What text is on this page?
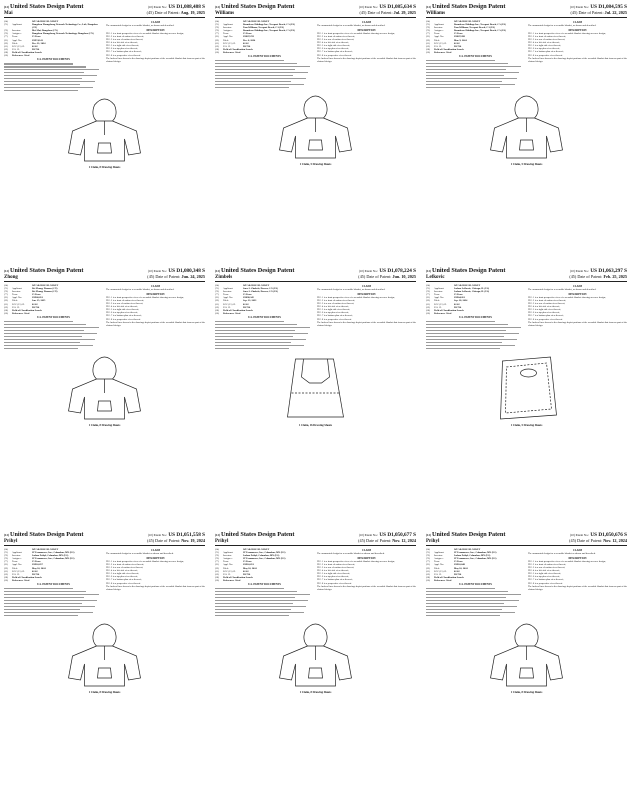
(12)United States Design Patent	(10) Patent No.: US D1,088,488 S
Mai	(45) Date of Patent: Aug. 19, 2025
(54)	WEARABLE BLANKET
(71)	Applicant:	Dongshen Zhongsheng Network Technology Co., Ltd., Dongshen (CN)
(72)	Inventor:	Mei Mai, Dongshen (CN)
(73)	Assignee:	Dongshen Zhongsheng Network Technology, Dongshen (CN)
(**)	Term:	15 Years
(21)	Appl. No.:	29/974,141
(22)	Filed:	Dec. 31, 2024
(51)	LOC (15) Cl.	02-02
(52)	U.S. Cl.	D2/720
(58)	Field of Classification Search
(56)	References Cited
U.S. PATENT DOCUMENTS
CLAIM
The ornamental design for a wearable blanket, as shown and described.
DESCRIPTION
FIG. 1 is a front perspective view of a wearable blanket showing our new design;
FIG. 2 is a front elevation view thereof;
FIG. 3 is a rear elevation view thereof;
FIG. 4 is a left side view thereof;
FIG. 5 is a right side view thereof;
FIG. 6 is a top plan view thereof;
FIG. 7 is a bottom plan view thereof;
FIG. 8 is a perspective view thereof.
The broken lines shown in the drawings depict portions of the wearable blanket that form no part of the claimed design.
1 Claim, 8 Drawing Sheets
(12)United States Design Patent	(10) Patent No.: US D1,085,634 S
Williams	(45) Date of Patent: Jul. 29, 2025
(54)	WEARABLE BLANKET
(71)	Applicant:	Brandcore Holdings Inc., Newport Beach, CA (US)
(72)	Inventor:	Tom Williams, Newport Beach, CA (US)
(73)	Assignee:	Brandcore Holdings Inc., Newport Beach, CA (US)
(**)	Term:	15 Years
(21)	Appl. No.:	29/887,259
(22)	Filed:	Dec. 6, 2024
(51)	LOC (15) Cl.	02-02
(52)	U.S. Cl.	D2/720
(58)	Field of Classification Search
(56)	References Cited
U.S. PATENT DOCUMENTS
CLAIM
The ornamental design for a wearable blanket, as shown and described.
DESCRIPTION
FIG. 1 is a front perspective view of a wearable blanket showing our new design;
FIG. 2 is a front elevation view thereof;
FIG. 3 is a rear elevation view thereof;
FIG. 4 is a left side view thereof;
FIG. 5 is a right side view thereof;
FIG. 6 is a top plan view thereof;
FIG. 7 is a bottom plan view thereof;
FIG. 8 is a perspective view thereof.
The broken lines shown in the drawings depict portions of the wearable blanket that form no part of the claimed design.
1 Claim, 5 Drawing Sheets
(12)United States Design Patent	(10) Patent No.: US D1,084,595 S
Williams	(45) Date of Patent: Jul. 22, 2025
(54)	WEARABLE BLANKET
(71)	Applicant:	Brandcore Holdings Inc., Newport Beach, CA (US)
(72)	Inventor:	Tom Williams, Newport Beach, CA (US)
(73)	Assignee:	Brandcore Holdings Inc., Newport Beach, CA (US)
(**)	Term:	15 Years
(21)	Appl. No.:	29/887,288
(22)	Filed:	Mar. 9, 2024
(51)	LOC (15) Cl.	02-02
(52)	U.S. Cl.	D2/720
(58)	Field of Classification Search
(56)	References Cited
U.S. PATENT DOCUMENTS
CLAIM
The ornamental design for a wearable blanket, as shown and described.
DESCRIPTION
FIG. 1 is a front perspective view of a wearable blanket showing our new design;
FIG. 2 is a front elevation view thereof;
FIG. 3 is a rear elevation view thereof;
FIG. 4 is a left side view thereof;
FIG. 5 is a right side view thereof;
FIG. 6 is a top plan view thereof;
FIG. 7 is a bottom plan view thereof;
FIG. 8 is a perspective view thereof.
The broken lines shown in the drawings depict portions of the wearable blanket that form no part of the claimed design.
1 Claim, 5 Drawing Sheets
(12)United States Design Patent	(10) Patent No.: US D1,080,348 S
Zhong	(45) Date of Patent: Jun. 24, 2025
(54)	WEARABLE BLANKET
(71)	Applicant:	Bei Zhong, Xiamen (CN)
(72)	Inventor:	Bei Zhong, Xiamen (CN)
(**)	Term:	15 Years
(21)	Appl. No.:	29/966,051
(22)	Filed:	Jan. 15, 2025
(51)	LOC (15) Cl.	02-02
(52)	U.S. Cl.	D2/720
(58)	Field of Classification Search
(56)	References Cited
U.S. PATENT DOCUMENTS
CLAIM
The ornamental design for a wearable blanket, as shown and described.
DESCRIPTION
FIG. 1 is a front perspective view of a wearable blanket showing our new design;
FIG. 2 is a front elevation view thereof;
FIG. 3 is a rear elevation view thereof;
FIG. 4 is a left side view thereof;
FIG. 5 is a right side view thereof;
FIG. 6 is a top plan view thereof;
FIG. 7 is a bottom plan view thereof;
FIG. 8 is a perspective view thereof.
The broken lines shown in the drawings depict portions of the wearable blanket that form no part of the claimed design.
1 Claim, 8 Drawing Sheets
(12)United States Design Patent	(10) Patent No.: US D1,078,224 S
Zimbels	(45) Date of Patent: Jun. 10, 2025
(54)	WEARABLE BLANKET
(71)	Applicant:	Sara A. Zimbels, Denver, CO (US)
(72)	Inventor:	Sara A. Zimbels, Denver, CO (US)
(**)	Term:	15 Years
(21)	Appl. No.:	29/896,345
(22)	Filed:	Sep. 13, 2023
(51)	LOC (15) Cl.	02-02
(52)	U.S. Cl.	D2/720
(58)	Field of Classification Search
(56)	References Cited
U.S. PATENT DOCUMENTS
CLAIM
The ornamental design for a wearable blanket, as shown and described.
DESCRIPTION
FIG. 1 is a front perspective view of a wearable blanket showing our new design;
FIG. 2 is a front elevation view thereof;
FIG. 3 is a rear elevation view thereof;
FIG. 4 is a left side view thereof;
FIG. 5 is a right side view thereof;
FIG. 6 is a top plan view thereof;
FIG. 7 is a bottom plan view thereof;
FIG. 8 is a perspective view thereof.
The broken lines shown in the drawings depict portions of the wearable blanket that form no part of the claimed design.
1 Claim, 16 Drawing Sheets
(12)United States Design Patent	(10) Patent No.: US D1,063,297 S
Lefkovic	(45) Date of Patent: Feb. 25, 2025
(54)	WEARABLE BLANKET
(71)	Applicant:	Joshua Lefkovic, Chicago, IL (US)
(72)	Inventor:	Joshua Lefkovic, Chicago, IL (US)
(**)	Term:	15 Years
(21)	Appl. No.:	29/904,261
(22)	Filed:	Sep. 18, 2024
(51)	LOC (15) Cl.	02-02
(52)	U.S. Cl.	D2/720
(58)	Field of Classification Search
(56)	References Cited
U.S. PATENT DOCUMENTS
CLAIM
The ornamental design for a wearable blanket, as shown and described.
DESCRIPTION
FIG. 1 is a front perspective view of a wearable blanket showing our new design;
FIG. 2 is a front elevation view thereof;
FIG. 3 is a rear elevation view thereof;
FIG. 4 is a left side view thereof;
FIG. 5 is a right side view thereof;
FIG. 6 is a top plan view thereof;
FIG. 7 is a bottom plan view thereof;
FIG. 8 is a perspective view thereof.
The broken lines shown in the drawings depict portions of the wearable blanket that form no part of the claimed design.
1 Claim, 5 Drawing Sheets
(12)United States Design Patent	(10) Patent No.: US D1,051,558 S
Prihyl	(45) Date of Patent: Nov. 19, 2024
(54)	WEARABLE BLANKET
(71)	Applicant:	JP Ecommerce, Inc., Columbus, MN (US)
(72)	Inventor:	Joshua Prihyl, Columbus, MN (US)
(73)	Assignee:	JP Ecommerce, Inc., Columbus, MN (US)
(**)	Term:	15 Years
(21)	Appl. No.:	29/916,657
(22)	Filed:	May 16, 2024
(51)	LOC (15) Cl.	02-02
(52)	U.S. Cl.	D2/720
(58)	Field of Classification Search
(56)	References Cited
U.S. PATENT DOCUMENTS
CLAIM
The ornamental design for a wearable blanket as shown and described.
DESCRIPTION
FIG. 1 is a front perspective view of a wearable blanket showing our new design;
FIG. 2 is a front elevation view thereof;
FIG. 3 is a rear elevation view thereof;
FIG. 4 is a left side view thereof;
FIG. 5 is a right side view thereof;
FIG. 6 is a top plan view thereof;
FIG. 7 is a bottom plan view thereof;
FIG. 8 is a perspective view thereof.
The broken lines shown in the drawings depict portions of the wearable blanket that form no part of the claimed design.
1 Claim, 8 Drawing Sheets
(12)United States Design Patent	(10) Patent No.: US D1,050,677 S
Prihyl	(45) Date of Patent: Nov. 12, 2024
(54)	WEARABLE BLANKET
(71)	Applicant:	JP Ecommerce, Inc., Columbus, MN (US)
(72)	Inventor:	Joshua Prihyl, Columbus, MN (US)
(73)	Assignee:	JP Ecommerce, Inc., Columbus, MN (US)
(**)	Term:	15 Years
(21)	Appl. No.:	29/916,651
(22)	Filed:	May 16, 2024
(51)	LOC (15) Cl.	02-02
(52)	U.S. Cl.	D2/720
(58)	Field of Classification Search
(56)	References Cited
U.S. PATENT DOCUMENTS
CLAIM
The ornamental design for a wearable blanket as shown and described.
DESCRIPTION
FIG. 1 is a front perspective view of a wearable blanket showing our new design;
FIG. 2 is a front elevation view thereof;
FIG. 3 is a rear elevation view thereof;
FIG. 4 is a left side view thereof;
FIG. 5 is a right side view thereof;
FIG. 6 is a top plan view thereof;
FIG. 7 is a bottom plan view thereof;
FIG. 8 is a perspective view thereof.
The broken lines shown in the drawings depict portions of the wearable blanket that form no part of the claimed design.
1 Claim, 8 Drawing Sheets
(12)United States Design Patent	(10) Patent No.: US D1,050,676 S
Prihyl	(45) Date of Patent: Nov. 12, 2024
(54)	WEARABLE BLANKET
(71)	Applicant:	JP Ecommerce, Inc., Columbus, MN (US)
(72)	Inventor:	Joshua Prihyl, Columbus, MN (US)
(73)	Assignee:	JP Ecommerce, Inc., Columbus, MN (US)
(**)	Term:	15 Years
(21)	Appl. No.:	29/916,648
(22)	Filed:	May 16, 2024
(51)	LOC (15) Cl.	02-02
(52)	U.S. Cl.	D2/720
(58)	Field of Classification Search
(56)	References Cited
U.S. PATENT DOCUMENTS
CLAIM
The ornamental design for a wearable blanket as shown and described.
DESCRIPTION
FIG. 1 is a front perspective view of a wearable blanket showing our new design;
FIG. 2 is a front elevation view thereof;
FIG. 3 is a rear elevation view thereof;
FIG. 4 is a left side view thereof;
FIG. 5 is a right side view thereof;
FIG. 6 is a top plan view thereof;
FIG. 7 is a bottom plan view thereof;
FIG. 8 is a perspective view thereof.
The broken lines shown in the drawings depict portions of the wearable blanket that form no part of the claimed design.
1 Claim, 8 Drawing Sheets
